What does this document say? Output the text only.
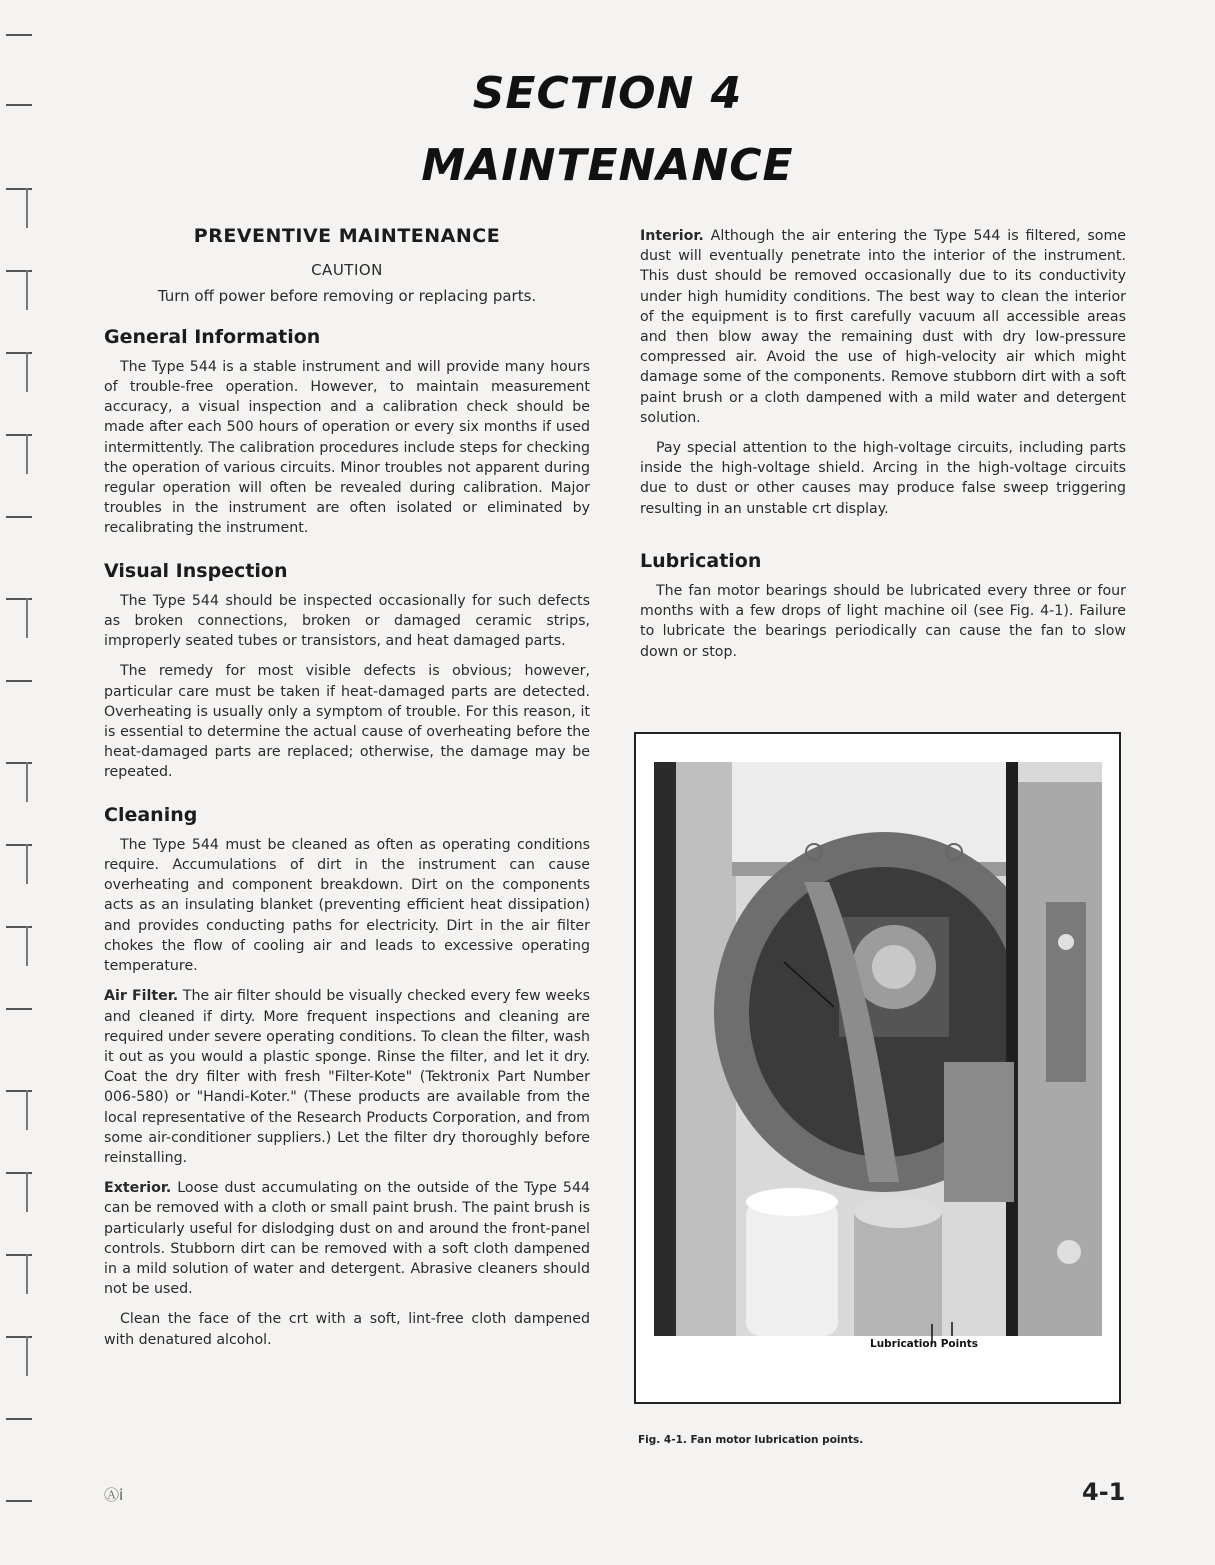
SECTION 4
MAINTENANCE
PREVENTIVE MAINTENANCE
CAUTION
Turn off power before removing or replacing parts.
General Information

The Type 544 is a stable instrument and will provide many hours of trouble-free operation. However, to maintain measurement accuracy, a visual inspection and a calibration check should be made after each 500 hours of operation or every six months if used intermittently. The calibration procedures include steps for checking the operation of various circuits. Minor troubles not apparent during regular operation will often be revealed during calibration. Major troubles in the instrument are often isolated or eliminated by recalibrating the instrument.

Visual Inspection

The Type 544 should be inspected occasionally for such defects as broken connections, broken or damaged ceramic strips, improperly seated tubes or transistors, and heat damaged parts.

The remedy for most visible defects is obvious; however, particular care must be taken if heat-damaged parts are detected. Overheating is usually only a symptom of trouble. For this reason, it is essential to determine the actual cause of overheating before the heat-damaged parts are replaced; otherwise, the damage may be repeated.

Cleaning

The Type 544 must be cleaned as often as operating conditions require. Accumulations of dirt in the instrument can cause overheating and component breakdown. Dirt on the components acts as an insulating blanket (preventing efficient heat dissipation) and provides conducting paths for electricity. Dirt in the air filter chokes the flow of cooling air and leads to excessive operating temperature.

Air Filter. The air filter should be visually checked every few weeks and cleaned if dirty. More frequent inspections and cleaning are required under severe operating conditions. To clean the filter, wash it out as you would a plastic sponge. Rinse the filter, and let it dry. Coat the dry filter with fresh "Filter-Kote" (Tektronix Part Number 006-580) or "Handi-Koter." (These products are available from the local representative of the Research Products Corporation, and from some air-conditioner suppliers.) Let the filter dry thoroughly before reinstalling.

Exterior. Loose dust accumulating on the outside of the Type 544 can be removed with a cloth or small paint brush. The paint brush is particularly useful for dislodging dust on and around the front-panel controls. Stubborn dirt can be removed with a soft cloth dampened in a mild solution of water and detergent. Abrasive cleaners should not be used.

Clean the face of the crt with a soft, lint-free cloth dampened with denatured alcohol.

Interior. Although the air entering the Type 544 is filtered, some dust will eventually penetrate into the interior of the instrument. This dust should be removed occasionally due to its conductivity under high humidity conditions. The best way to clean the interior of the equipment is to first carefully vacuum all accessible areas and then blow away the remaining dust with dry low-pressure compressed air. Avoid the use of high-velocity air which might damage some of the components. Remove stubborn dirt with a soft paint brush or a cloth dampened with a mild water and detergent solution.

Pay special attention to the high-voltage circuits, including parts inside the high-voltage shield. Arcing in the high-voltage circuits due to dust or other causes may produce false sweep triggering resulting in an unstable crt display.

Lubrication

The fan motor bearings should be lubricated every three or four months with a few drops of light machine oil (see Fig. 4-1). Failure to lubricate the bearings periodically can cause the fan to slow down or stop.

Lubrication Points
Fig. 4-1. Fan motor lubrication points.
Ⓐi	4-1
